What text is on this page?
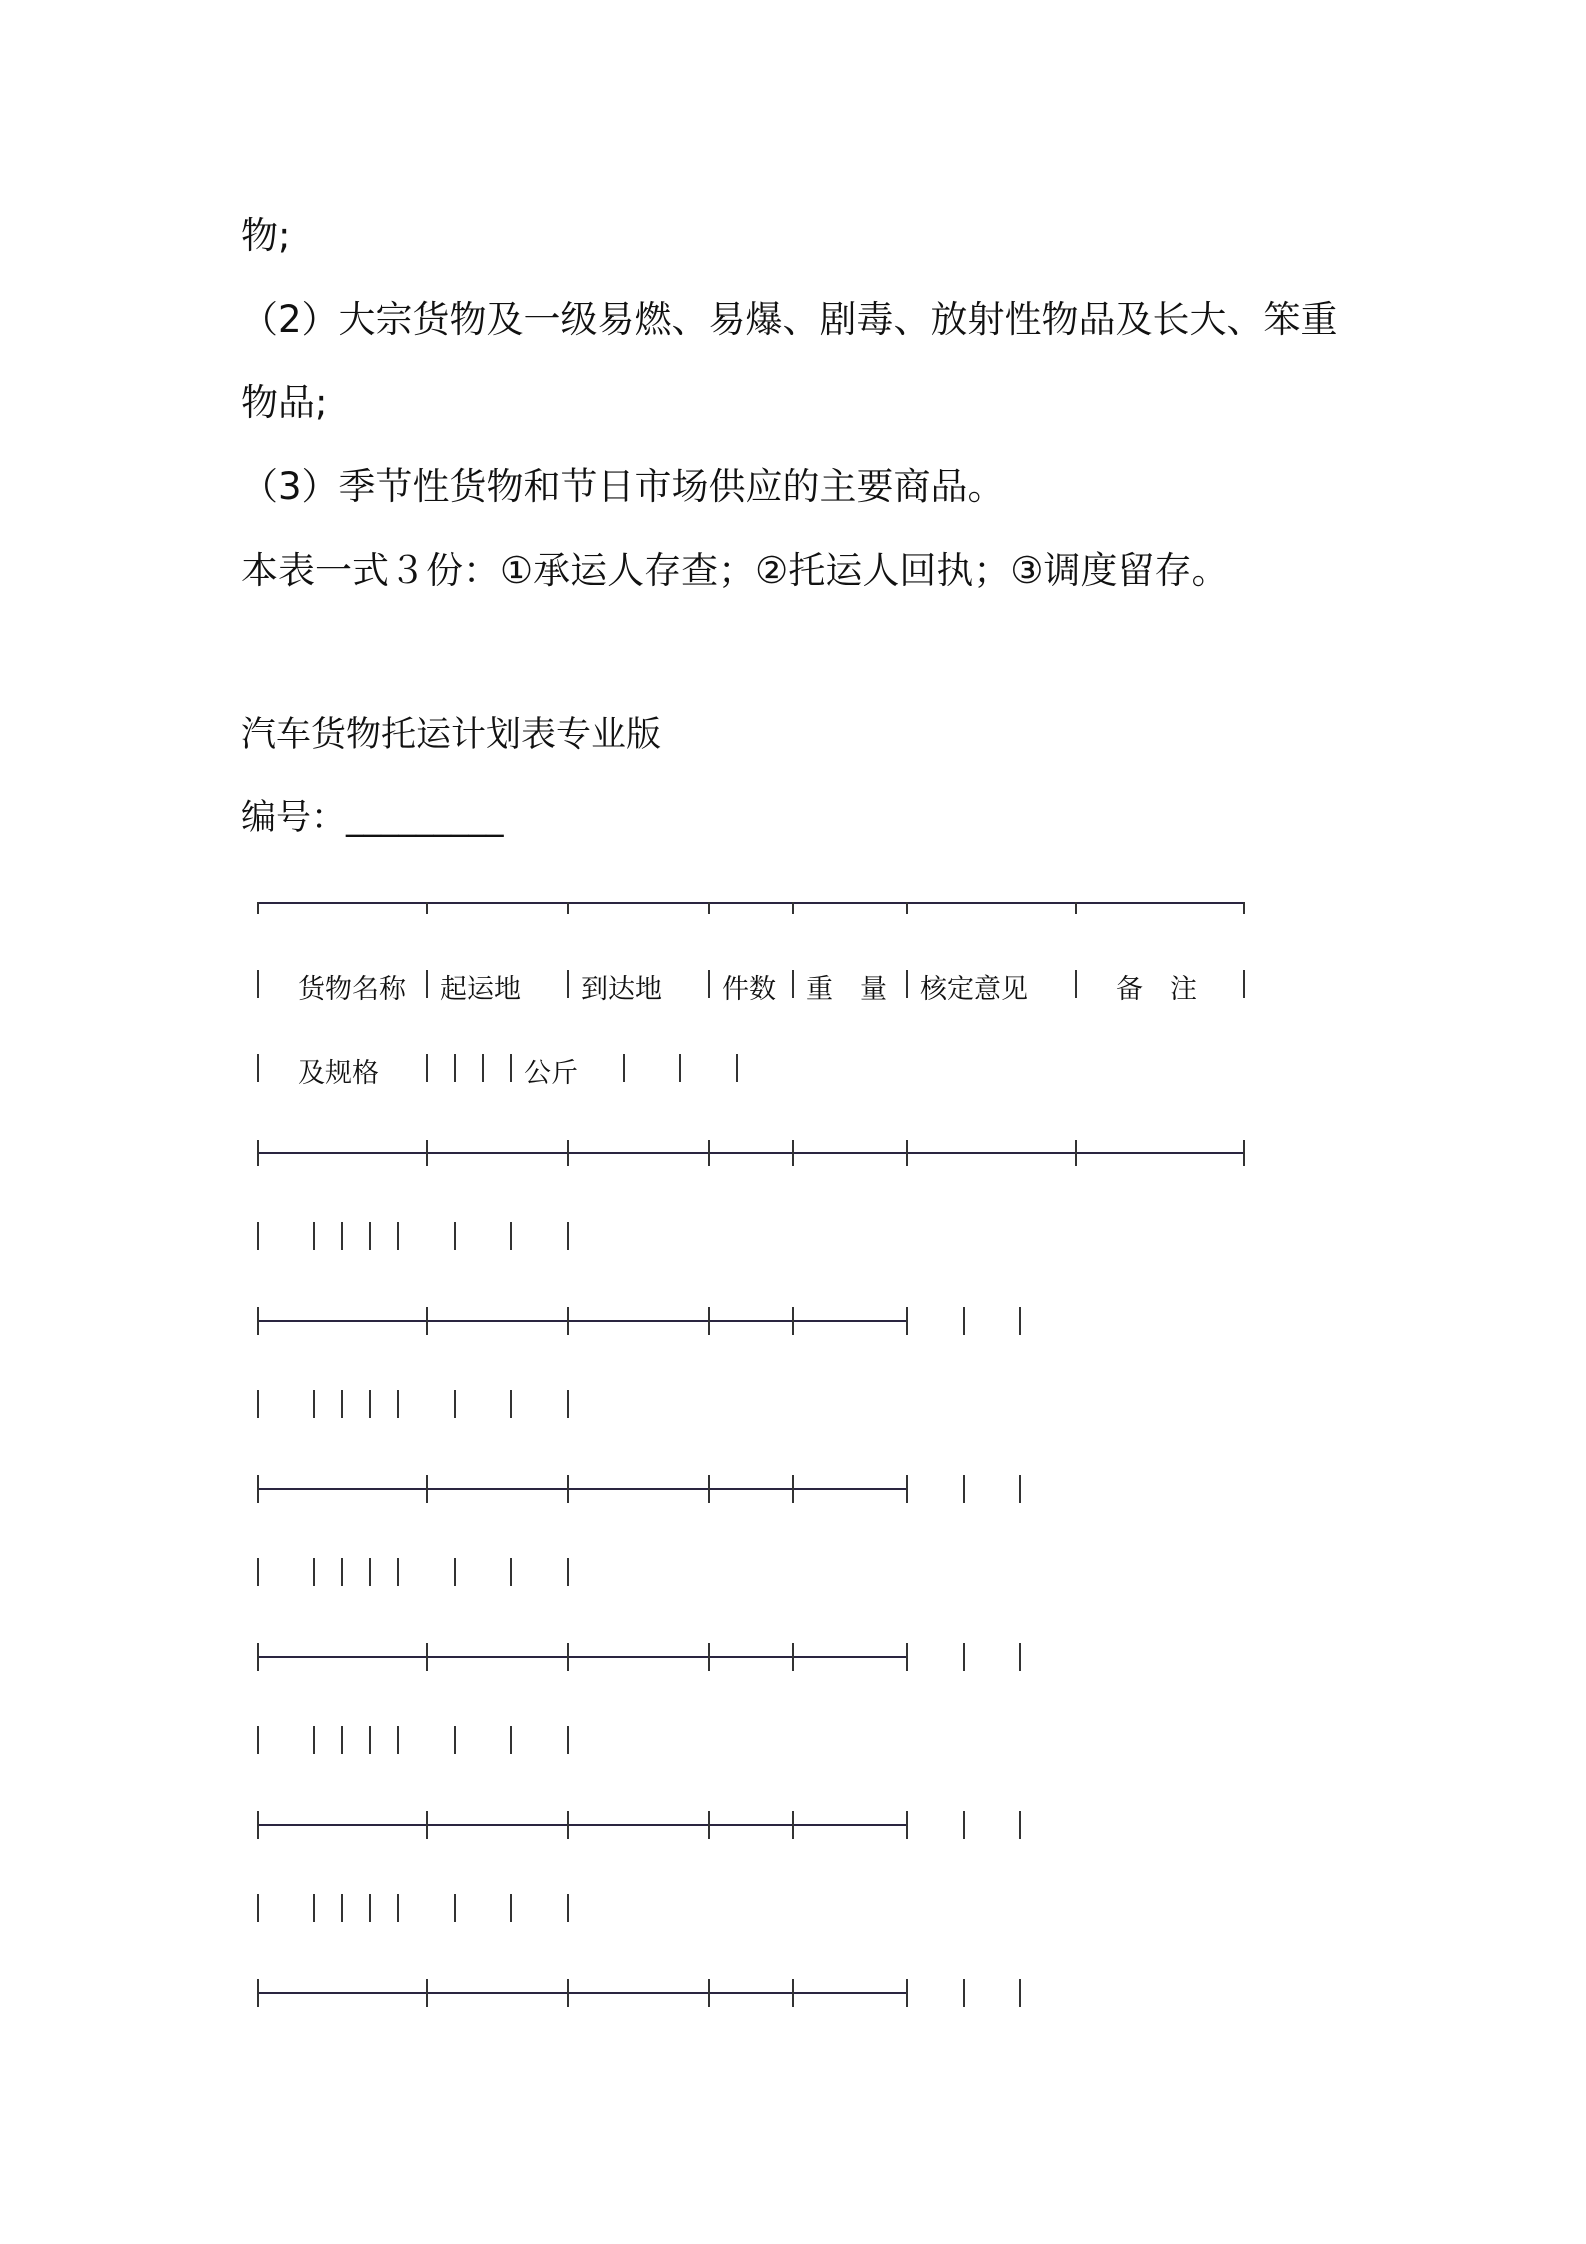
物;
（2）大宗货物及一级易燃、易爆、剧毒、放射性物品及长大、笨重
物品;
（3）季节性货物和节日市场供应的主要商品。
本表一式３份：①承运人存查；②托运人回执；③调度留存。
汽车货物托运计划表专业版
编号：_________
货物名称 起运地 到达地 件数 重　量 核定意见	备　注
及规格	公斤
